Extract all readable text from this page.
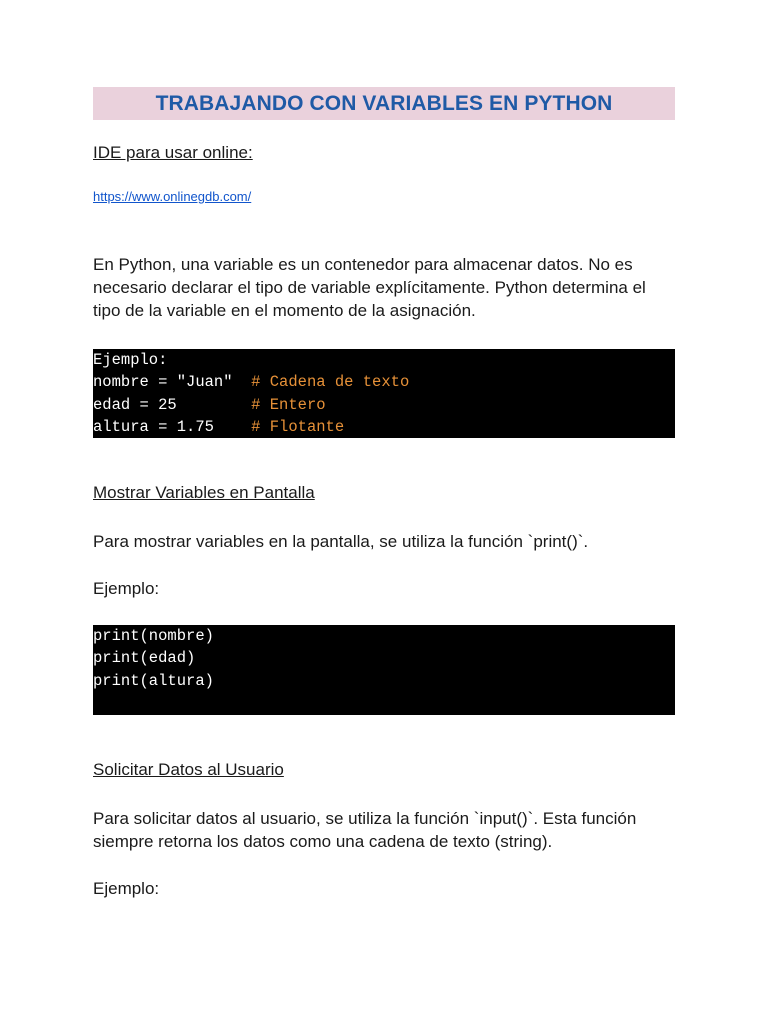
TRABAJANDO CON VARIABLES EN PYTHON
IDE para usar online:
https://www.onlinegdb.com/

En Python, una variable es un contenedor para almacenar datos. No es necesario declarar el tipo de variable explícitamente. Python determina el tipo de la variable en el momento de la asignación.

Ejemplo:
nombre = "Juan"  # Cadena de texto
edad = 25        # Entero
altura = 1.75    # Flotante
Mostrar Variables en Pantalla

Para mostrar variables en la pantalla, se utiliza la función `print()`.

Ejemplo:

print(nombre)
print(edad)
print(altura)
Solicitar Datos al Usuario

Para solicitar datos al usuario, se utiliza la función `input()`. Esta función siempre retorna los datos como una cadena de texto (string).

Ejemplo:
